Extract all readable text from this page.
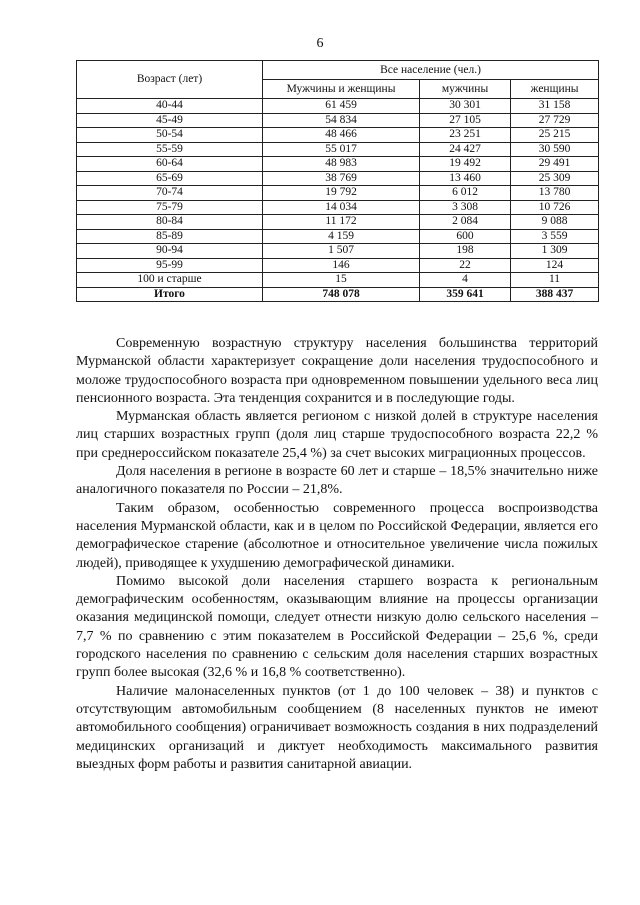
6
Возраст (лет)	Все население (чел.)		
	Мужчины и женщины	мужчины	женщины
40-44	61 459	30 301	31 158
45-49	54 834	27 105	27 729
50-54	48 466	23 251	25 215
55-59	55 017	24 427	30 590
60-64	48 983	19 492	29 491
65-69	38 769	13 460	25 309
70-74	19 792	6 012	13 780
75-79	14 034	3 308	10 726
80-84	11 172	2 084	9 088
85-89	4 159	600	3 559
90-94	1 507	198	1 309
95-99	146	22	124
100 и старше	15	4	11
Итого	748 078	359 641	388 437

Современную возрастную структуру населения большинства территорий Мурманской области характеризует сокращение доли населения трудоспособного и моложе трудоспособного возраста при одновременном повышении удельного веса лиц пенсионного возраста. Эта тенденция сохранится и в последующие годы.

Мурманская область является регионом с низкой долей в структуре населения лиц старших возрастных групп (доля лиц старше трудоспособного возраста 22,2 % при среднероссийском показателе 25,4 %) за счет высоких миграционных процессов.

Доля населения в регионе в возрасте 60 лет и старше – 18,5% значительно ниже аналогичного показателя по России – 21,8%.

Таким образом, особенностью современного процесса воспроизводства населения Мурманской области, как и в целом по Российской Федерации, является его демографическое старение (абсолютное и относительное увеличение числа пожилых людей), приводящее к ухудшению демографической динамики.

Помимо высокой доли населения старшего возраста к региональным демографическим особенностям, оказывающим влияние на процессы организации оказания медицинской помощи, следует отнести низкую долю сельского населения – 7,7 % по сравнению с этим показателем в Российской Федерации – 25,6 %, среди городского населения по сравнению с сельским доля населения старших возрастных групп более высокая (32,6 % и 16,8 % соответственно).

Наличие малонаселенных пунктов (от 1 до 100 человек – 38) и пунктов с отсутствующим автомобильным сообщением (8 населенных пунктов не имеют автомобильного сообщения) ограничивает возможность создания в них подразделений медицинских организаций и диктует необходимость максимального развития выездных форм работы и развития санитарной авиации.
